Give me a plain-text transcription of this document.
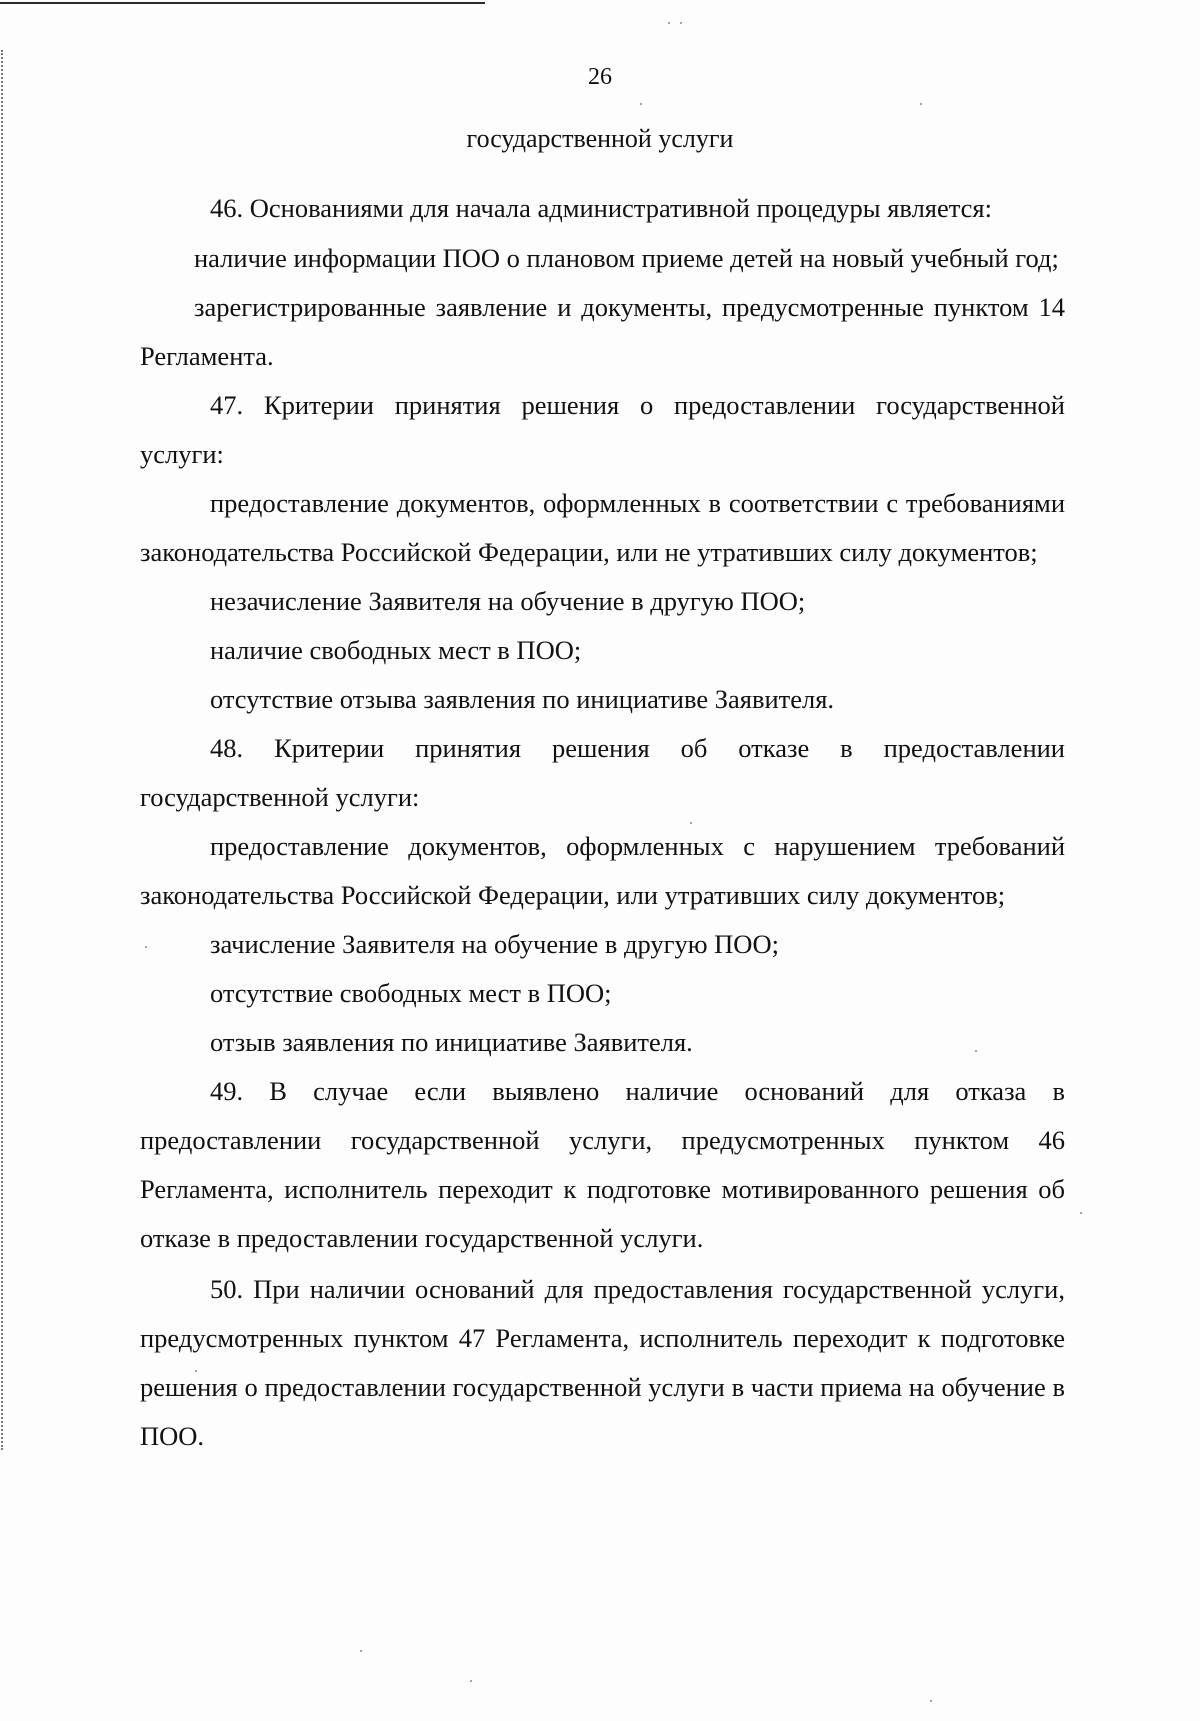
26
государственной услуги

46. Основаниями для начала административной процедуры является:

наличие информации ПОО о плановом приеме детей на новый учебный год;

зарегистрированные заявление и документы, предусмотренные пунктом 14 Регламента.

47. Критерии принятия решения о предоставлении государственной услуги:

предоставление документов, оформленных в соответствии с требованиями законодательства Российской Федерации, или не утративших силу документов;

незачисление Заявителя на обучение в другую ПОО;

наличие свободных мест в ПОО;

отсутствие отзыва заявления по инициативе Заявителя.

48. Критерии принятия решения об отказе в предоставлении государственной услуги:

предоставление документов, оформленных с нарушением требований законодательства Российской Федерации, или утративших силу документов;

зачисление Заявителя на обучение в другую ПОО;

отсутствие свободных мест в ПОО;

отзыв заявления по инициативе Заявителя.

49. В случае если выявлено наличие оснований для отказа в предоставлении государственной услуги, предусмотренных пунктом 46 Регламента, исполнитель переходит к подготовке мотивированного решения об отказе в предоставлении государственной услуги.

50. При наличии оснований для предоставления государственной услуги, предусмотренных пунктом 47 Регламента, исполнитель переходит к подготовке решения о предоставлении государственной услуги в части приема на обучение в ПОО.
